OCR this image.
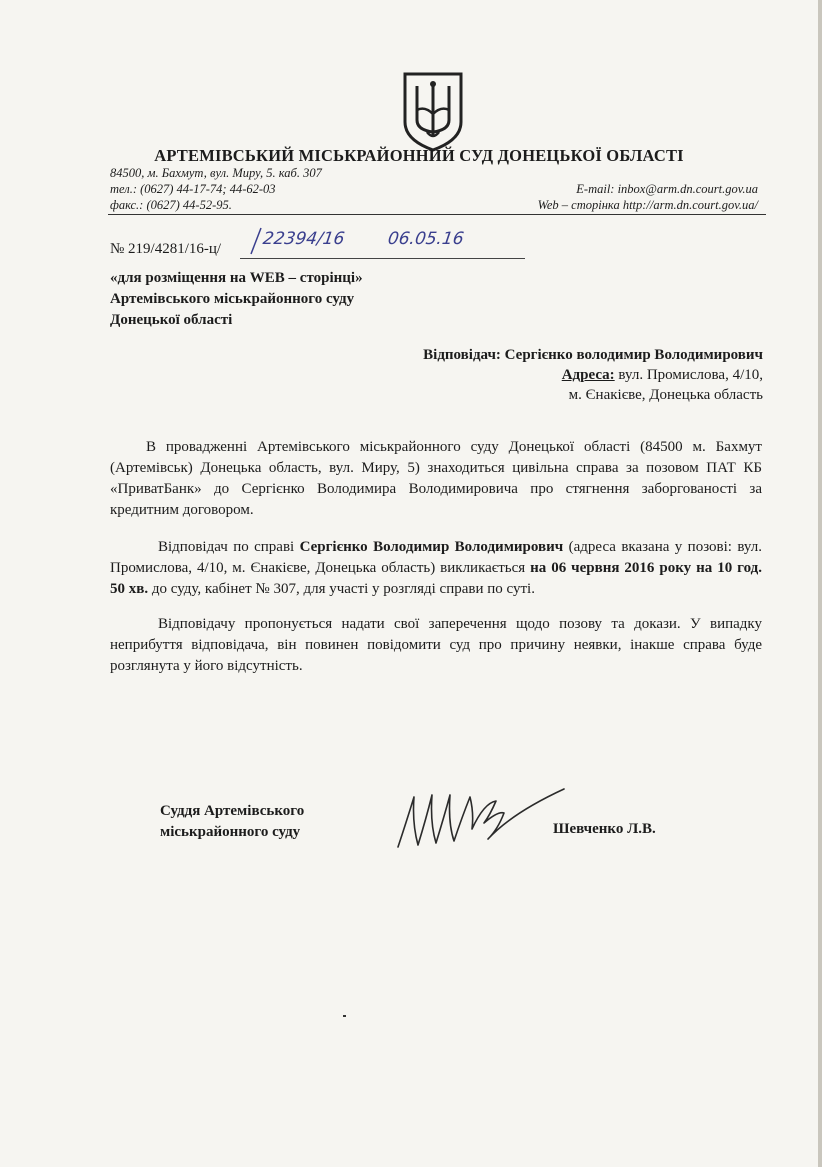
АРТЕМІВСЬКИЙ МІСЬКРАЙОННИЙ СУД ДОНЕЦЬКОЇ ОБЛАСТІ
84500, м. Бахмут, вул. Миру, 5. каб. 307
тел.: (0627) 44-17-74; 44-62-03
факс.: (0627) 44-52-95.
E-mail: inbox@arm.dn.court.gov.ua
Web – сторінка http://arm.dn.court.gov.ua/
№ 219/4281/16-ц/ 22394/16 06.05.16
«для розміщення на WEB – сторінці»
Артемівського міськрайонного суду
Донецької області
Відповідач: Сергієнко володимир Володимирович
Адреса: вул. Промислова, 4/10,
м. Єнакієве, Донецька область
В провадженні Артемівського міськрайонного суду Донецької області (84500 м. Бахмут (Артемівськ) Донецька область, вул. Миру, 5) знаходиться цивільна справа за позовом ПАТ КБ «ПриватБанк» до Сергієнко Володимира Володимировича про стягнення заборгованості за кредитним договором.
Відповідач по справі Сергієнко Володимир Володимирович (адреса вказана у позові: вул. Промислова, 4/10, м. Єнакієве, Донецька область) викликається на 06 червня 2016 року на 10 год. 50 хв. до суду, кабінет № 307, для участі у розгляді справи по суті.
Відповідачу пропонується надати свої заперечення щодо позову та докази. У випадку неприбуття відповідача, він повинен повідомити суд про причину неявки, інакше справа буде розглянута у його відсутність.
Суддя Артемівського
міськрайонного суду	Шевченко Л.В.
